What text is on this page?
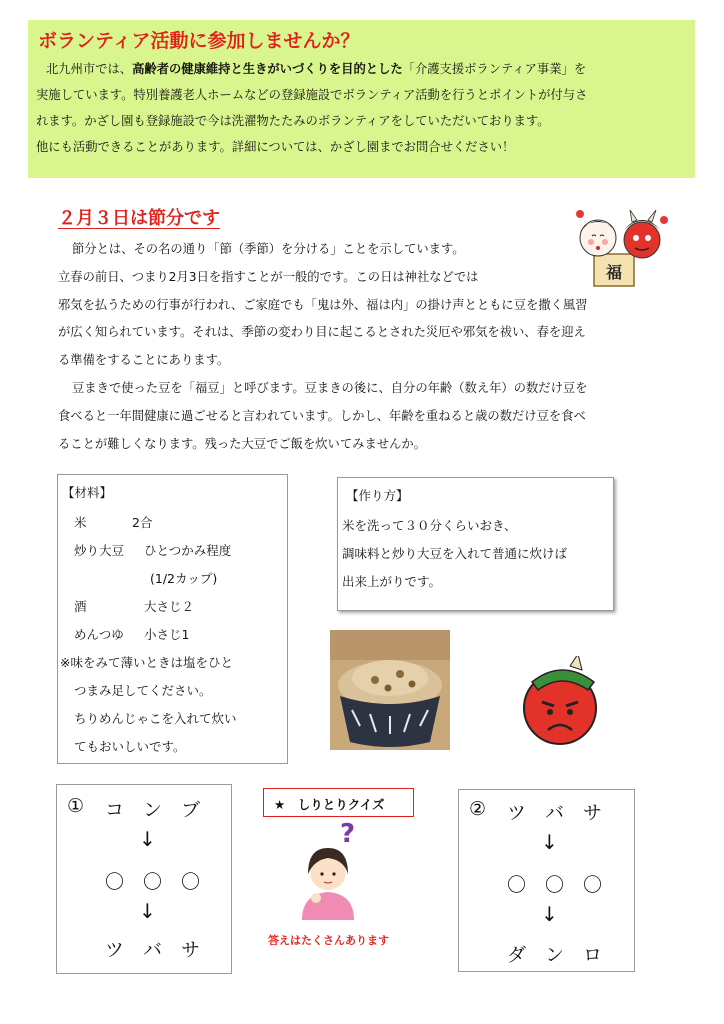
ボランティア活動に参加しませんか？
北九州市では、高齢者の健康維持と生きがいづくりを目的とした「介護支援ボランティア事業」を
実施しています。特別養護老人ホームなどの登録施設でボランティア活動を行うとポイントが付与さ
れます。かざし園も登録施設で今は洗濯物たたみのボランティアをしていただいております。
他にも活動できることがあります。詳細については、かざし園までお問合せください！
２月３日は節分です
節分とは、その名の通り「節（季節）を分ける」ことを示しています。
立春の前日、つまり2月3日を指すことが一般的です。この日は神社などでは
邪気を払うための行事が行われ、ご家庭でも「鬼は外、福は内」の掛け声とともに豆を撒く風習
が広く知られています。それは、季節の変わり目に起こるとされた災厄や邪気を祓い、春を迎え
る準備をすることにあります。
豆まきで使った豆を「福豆」と呼びます。豆まきの後に、自分の年齢（数え年）の数だけ豆を
食べると一年間健康に過ごせると言われています。しかし、年齢を重ねると歳の数だけ豆を食べ
ることが難しくなります。残った大豆でご飯を炊いてみませんか。
福
【材料】
米	2合
炒り大豆 ひとつかみ程度
(1/2カップ)
酒	大さじ２
めんつゆ 小さじ1
※味をみて薄いときは塩をひと
つまみ足してください。
ちりめんじゃこを入れて炊い
てもおいしいです。
【作り方】
米を洗って３０分くらいおき、
調味料と炒り大豆を入れて普通に炊けば
出来上がりです。
① コ　ン　ブ
↓
〇　〇　〇
↓
ツ　バ　サ
★　しりとりクイズ
?
答えはたくさんあります
② ツ　バ　サ
↓
〇　〇　〇
↓
ダ　ン　ロ
